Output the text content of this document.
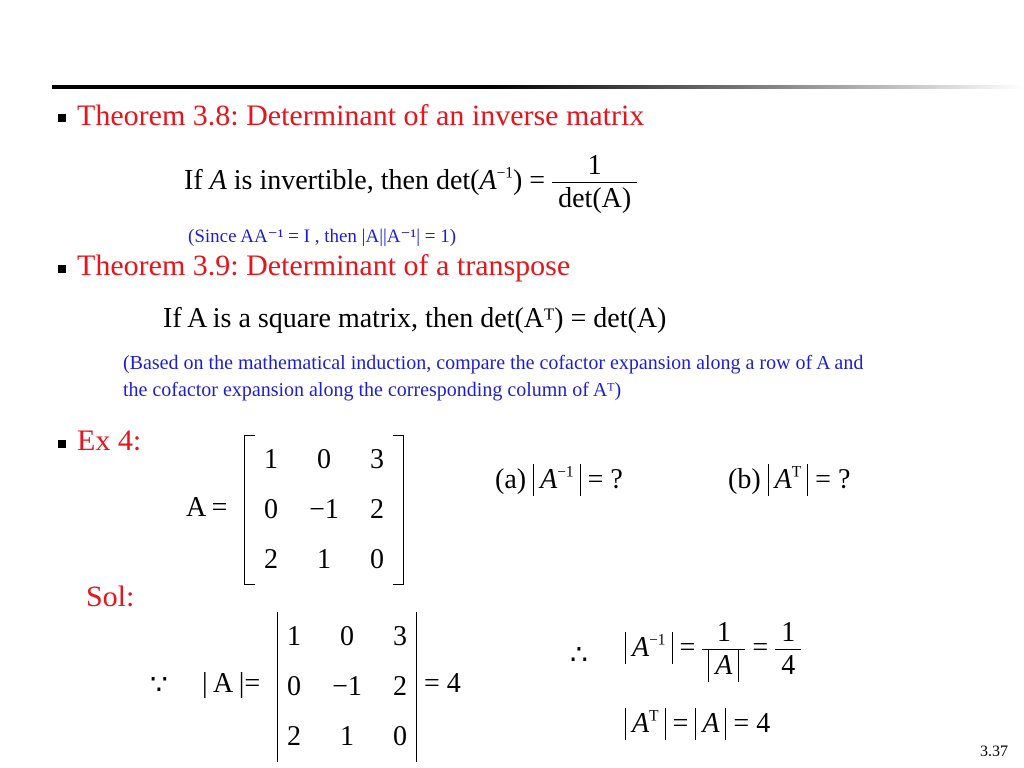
Theorem 3.8: Determinant of an inverse matrix
If A is invertible, then $\det(A^{-1}) = \frac{1}{\det(A)}$
(Since AA⁻¹ = I , then |A||A⁻¹| = 1)
Theorem 3.9: Determinant of a transpose
If A is a square matrix, then det(Aᵀ) = det(A)
(Based on the mathematical induction, compare the cofactor expansion along a row of A and
the cofactor expansion along the corresponding column of Aᵀ)
Ex 4:
A =
1	0	3
0	−1	2
2	1	0
(a) $A^{-1}$ = ?	(b) $A^T$ = ?
Sol:
∵ | A |=
1	0	3
0	−1	2
2	1	0
= 4
∴ $A^{-1} = \frac{1}{A} = \frac{1}{4}$
$A^T = A = 4$
3.37
